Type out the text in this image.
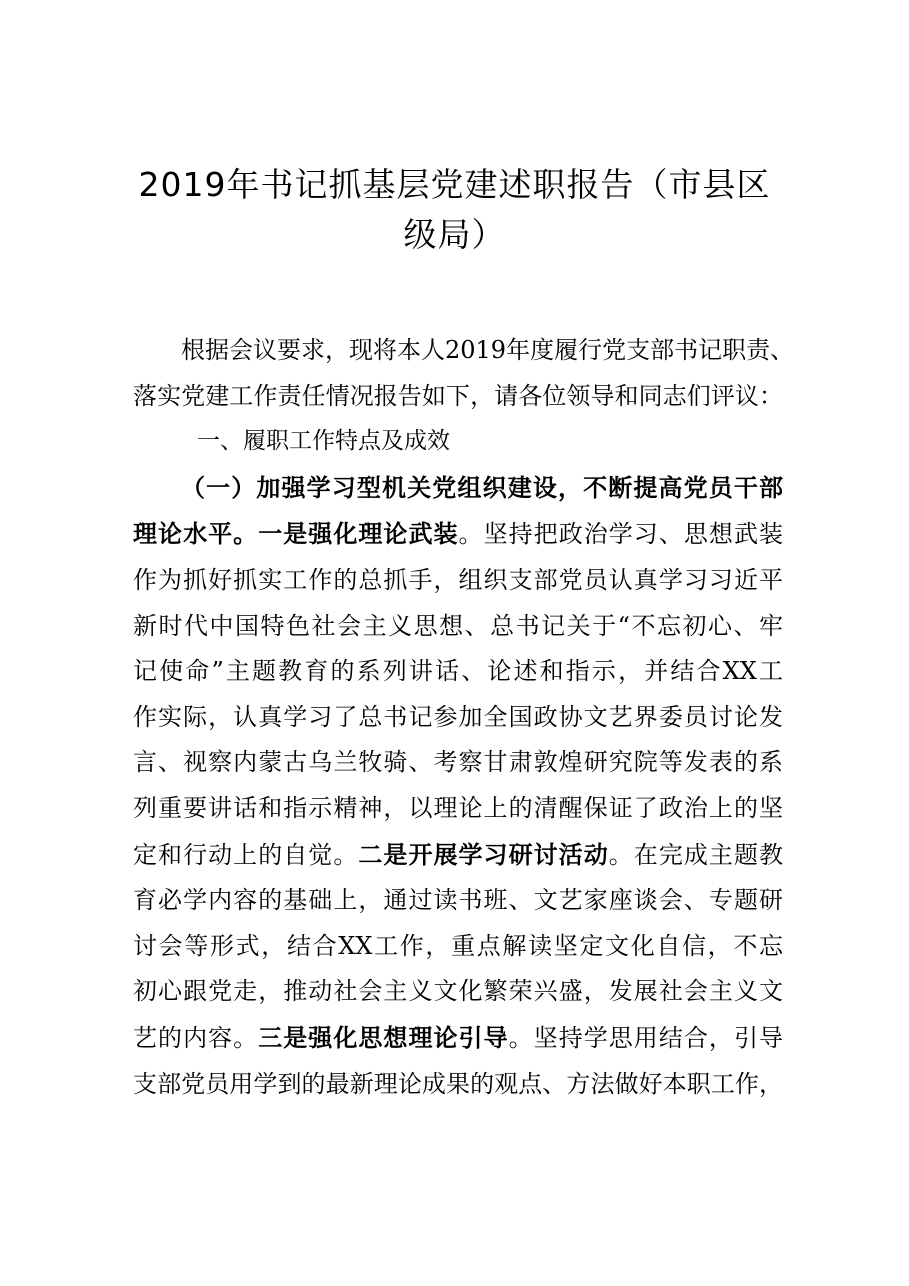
2019年书记抓基层党建述职报告（市县区
级局）
根据会议要求，现将本人2019年度履行党支部书记职责、
落实党建工作责任情况报告如下，请各位领导和同志们评议：
一、履职工作特点及成效
（一）加强学习型机关党组织建设，不断提高党员干部
理论水平。一是强化理论武装。坚持把政治学习、思想武装
作为抓好抓实工作的总抓手，组织支部党员认真学习习近平
新时代中国特色社会主义思想、总书记关于“不忘初心、牢
记使命”主题教育的系列讲话、论述和指示，并结合XX工
作实际，认真学习了总书记参加全国政协文艺界委员讨论发
言、视察内蒙古乌兰牧骑、考察甘肃敦煌研究院等发表的系
列重要讲话和指示精神，以理论上的清醒保证了政治上的坚
定和行动上的自觉。二是开展学习研讨活动。在完成主题教
育必学内容的基础上，通过读书班、文艺家座谈会、专题研
讨会等形式，结合XX工作，重点解读坚定文化自信，不忘
初心跟党走，推动社会主义文化繁荣兴盛，发展社会主义文
艺的内容。三是强化思想理论引导。坚持学思用结合，引导
支部党员用学到的最新理论成果的观点、方法做好本职工作，
